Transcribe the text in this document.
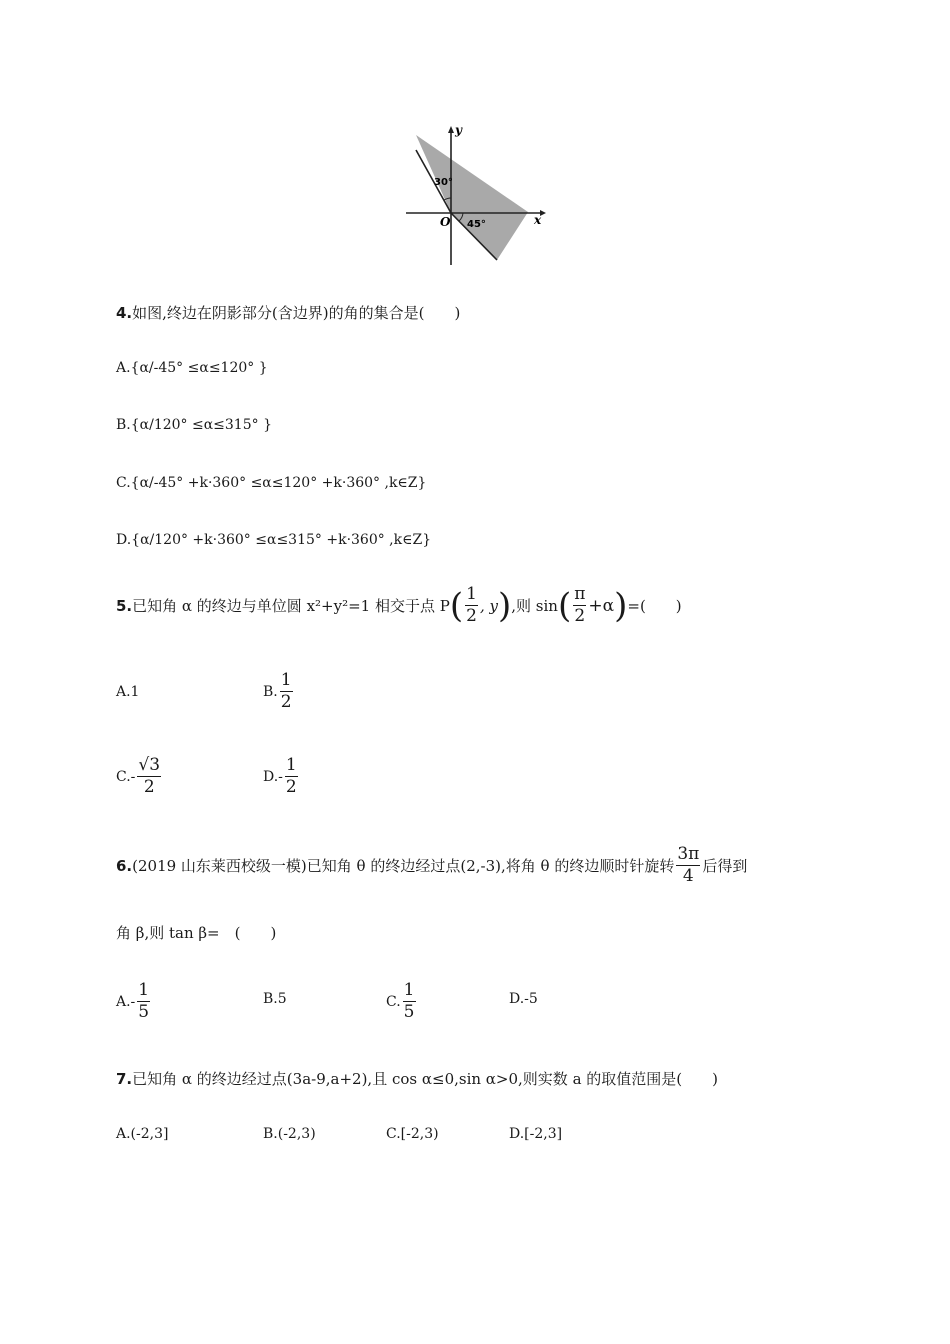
y
x
O
30°
45°
4.如图,终边在阴影部分(含边界)的角的集合是(　　)
A.{α/-45° ≤α≤120° }
B.{α/120° ≤α≤315° }
C.{α/-45° +k·360° ≤α≤120° +k·360° ,k∈Z}
D.{α/120° +k·360° ≤α≤315° +k·360° ,k∈Z}
5. 已知角 α 的终边与单位圆 x²+y²=1 相交于点 P ( $\frac{1}{2}$ , y ) ,则 sin ( $\frac{\pi}{2} +\alpha$ ) =(　　)
A.1	B. $\frac{1}{2}$
$C.- \frac{√3}{2}$	$D.- \frac{1}{2}$
6. (2019 山东莱西校级一模)已知角 θ 的终边经过点(2,-3),将角 θ 的终边顺时针旋转 $\frac{3\pi}{4}$ 后得到
角 β,则 tan β=　(　　)
$A.- \frac{1}{5}$	B.5	C. $\frac{1}{5}$	D.-5
7.已知角 α 的终边经过点(3a-9,a+2),且 cos α≤0,sin α>0,则实数 a 的取值范围是(　　)
A.(-2,3]	B.(-2,3)	C.[-2,3)	D.[-2,3]
